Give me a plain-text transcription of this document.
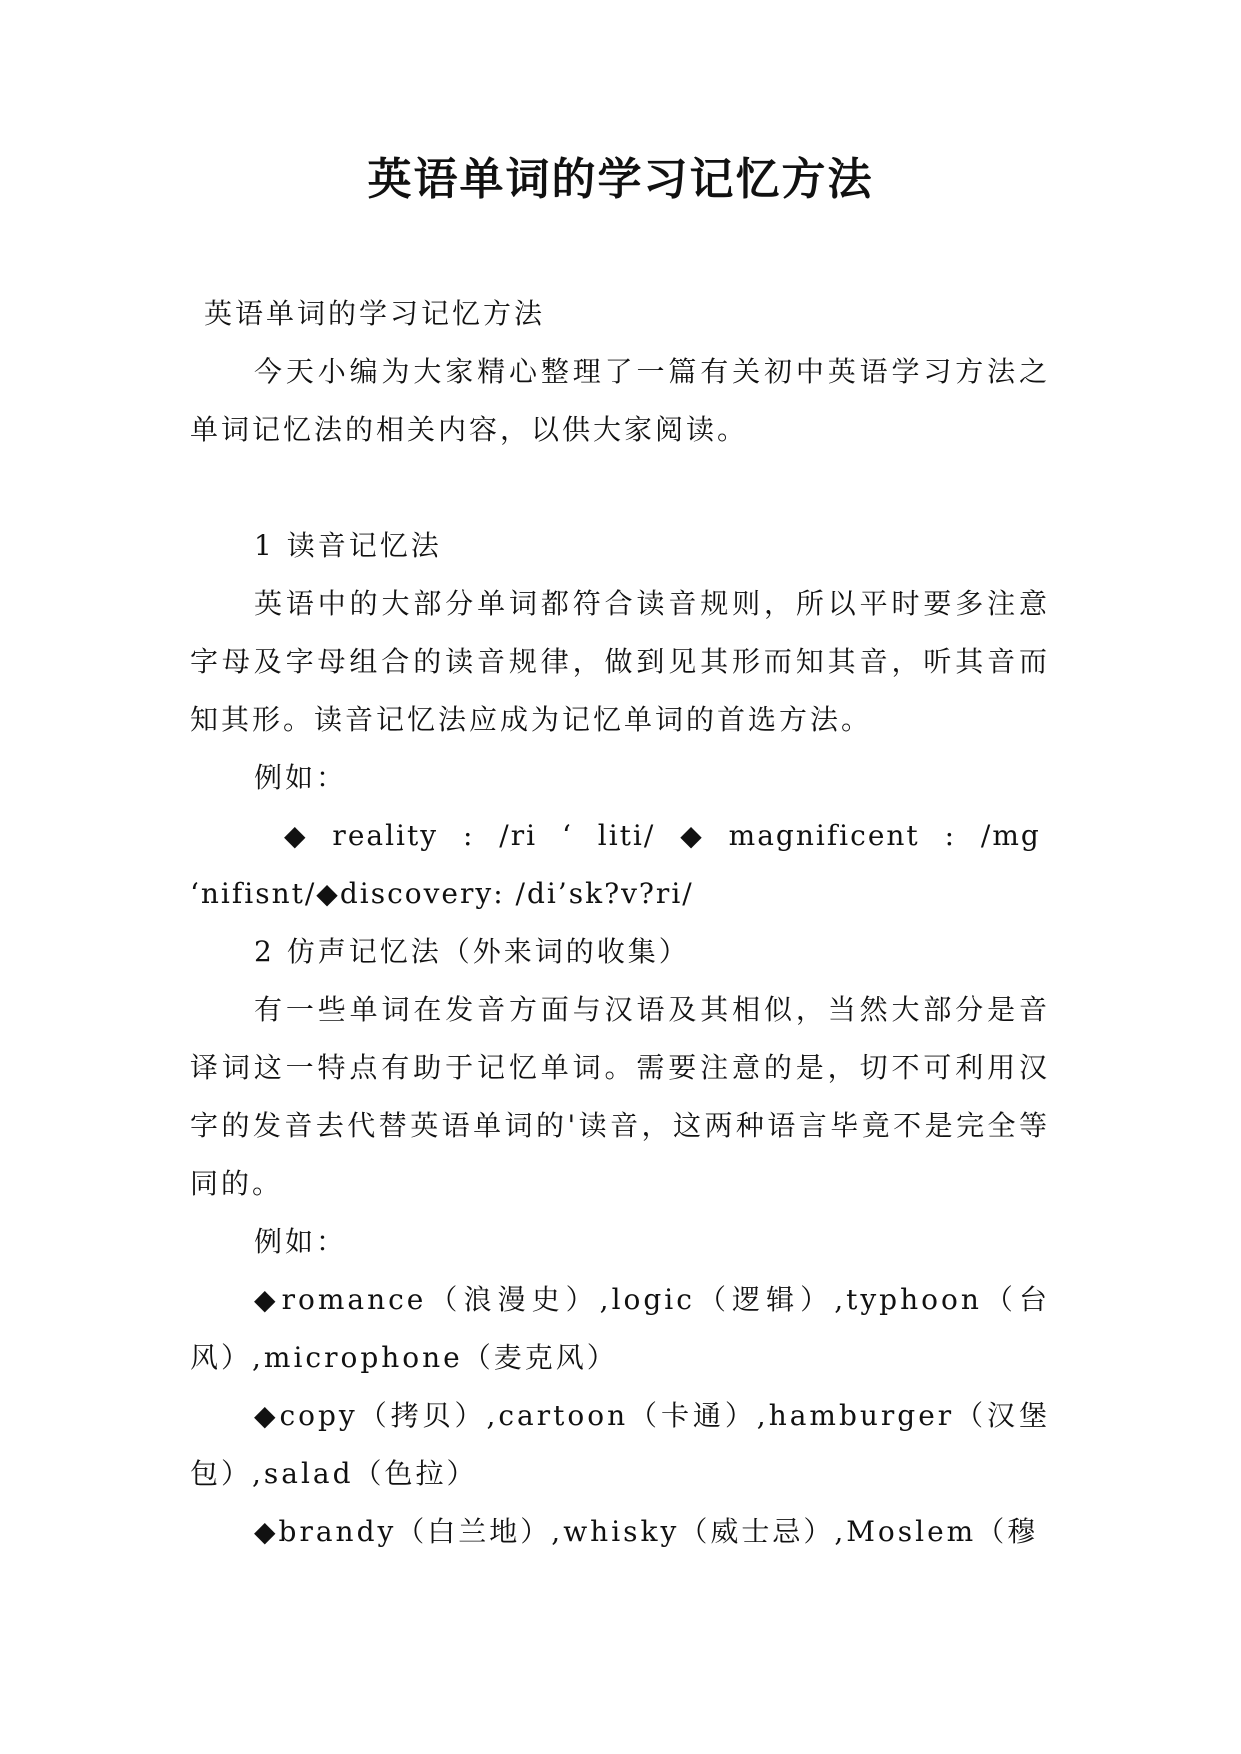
英语单词的学习记忆方法

英语单词的学习记忆方法

今天小编为大家精心整理了一篇有关初中英语学习方法之单词记忆法的相关内容，以供大家阅读。

1 读音记忆法

英语中的大部分单词都符合读音规则，所以平时要多注意字母及字母组合的读音规律，做到见其形而知其音，听其音而知其形。读音记忆法应成为记忆单词的首选方法。

例如：

◆ reality : /ri ‘ liti/ ◆ magnificent : /mg

‘nifisnt/◆discovery: /di’sk?v?ri/

2 仿声记忆法（外来词的收集）

有一些单词在发音方面与汉语及其相似，当然大部分是音译词这一特点有助于记忆单词。需要注意的是，切不可利用汉字的发音去代替英语单词的'读音，这两种语言毕竟不是完全等同的。

例如：

◆romance（浪漫史）,logic（逻辑）,typhoon（台风）,microphone（麦克风）

◆copy（拷贝）,cartoon（卡通）,hamburger（汉堡包）,salad（色拉）

◆brandy（白兰地）,whisky（威士忌）,Moslem（穆
